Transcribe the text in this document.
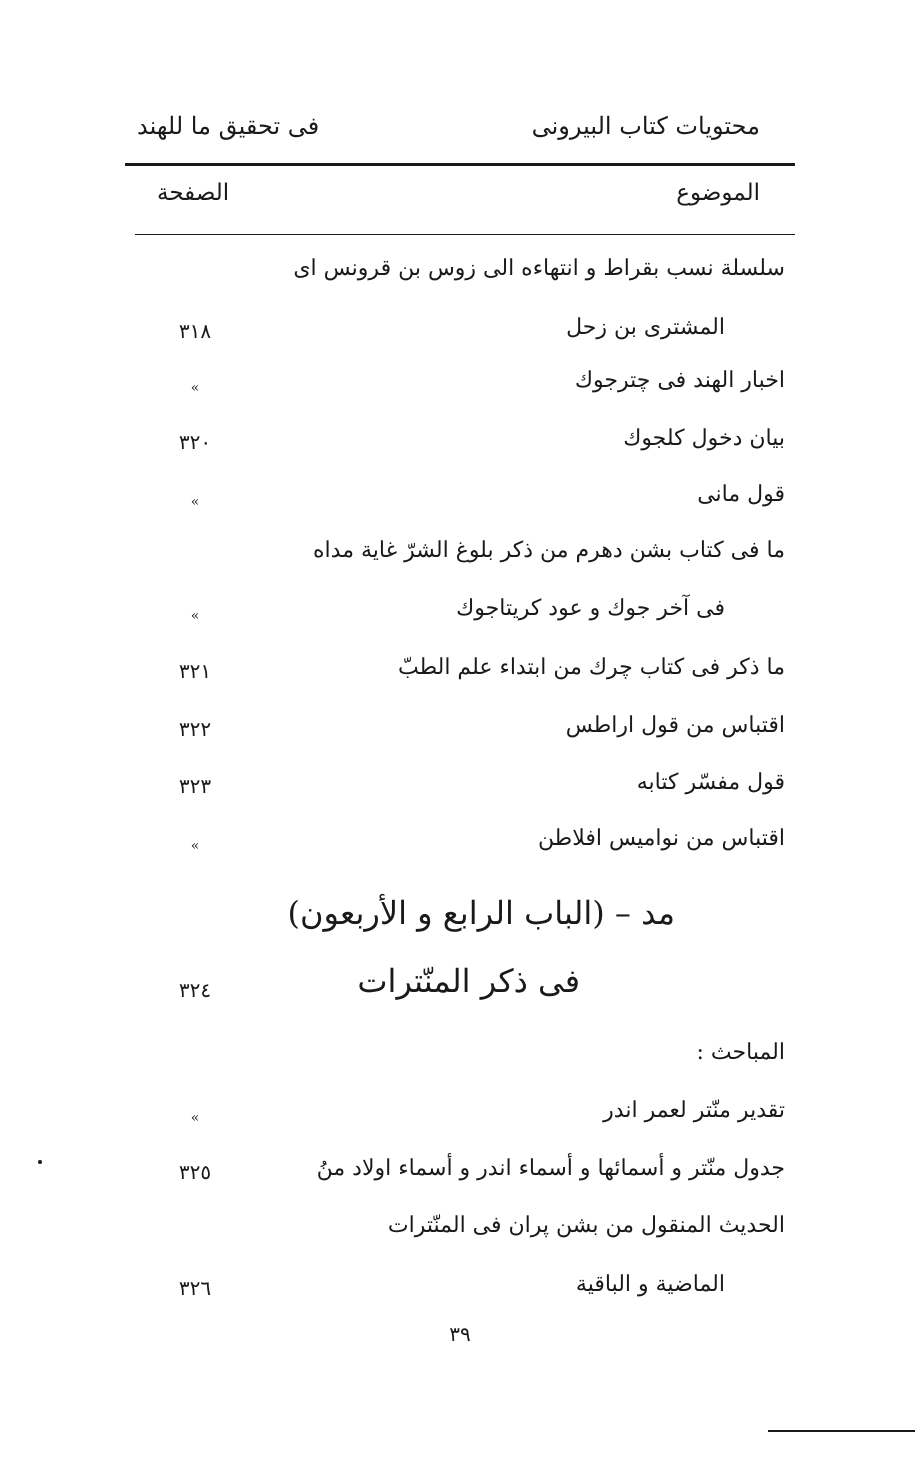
محتويات كتاب البيرونى
فى تحقيق ما للهند
الموضوع
الصفحة
سلسلة نسب بقراط و انتهاءه الى زوس بن قرونس اى
المشترى بن زحل
٣١٨
اخبار الهند فى چترجوك
»
بيان دخول كلجوك
٣٢٠
قول مانى
»
ما فى كتاب بشن دهرم من ذكر بلوغ الشرّ غاية مداه
فى آخر جوك و عود كريتاجوك
»
ما ذكر فى كتاب چرك من ابتداء علم الطبّ
٣٢١
اقتباس من قول اراطس
٣٢٢
قول مفسّر كتابه
٣٢٣
اقتباس من نواميس افلاطن
»
مد – (الباب الرابع و الأربعون)
فى ذكر المنّترات
٣٢٤
المباحث :
تقدير منّتر لعمر اندر
»
جدول منّتر و أسمائها و أسماء اندر و أسماء اولاد منُ
٣٢٥
الحديث المنقول من بشن پران فى المنّترات
الماضية و الباقية
٣٢٦
٣٩
